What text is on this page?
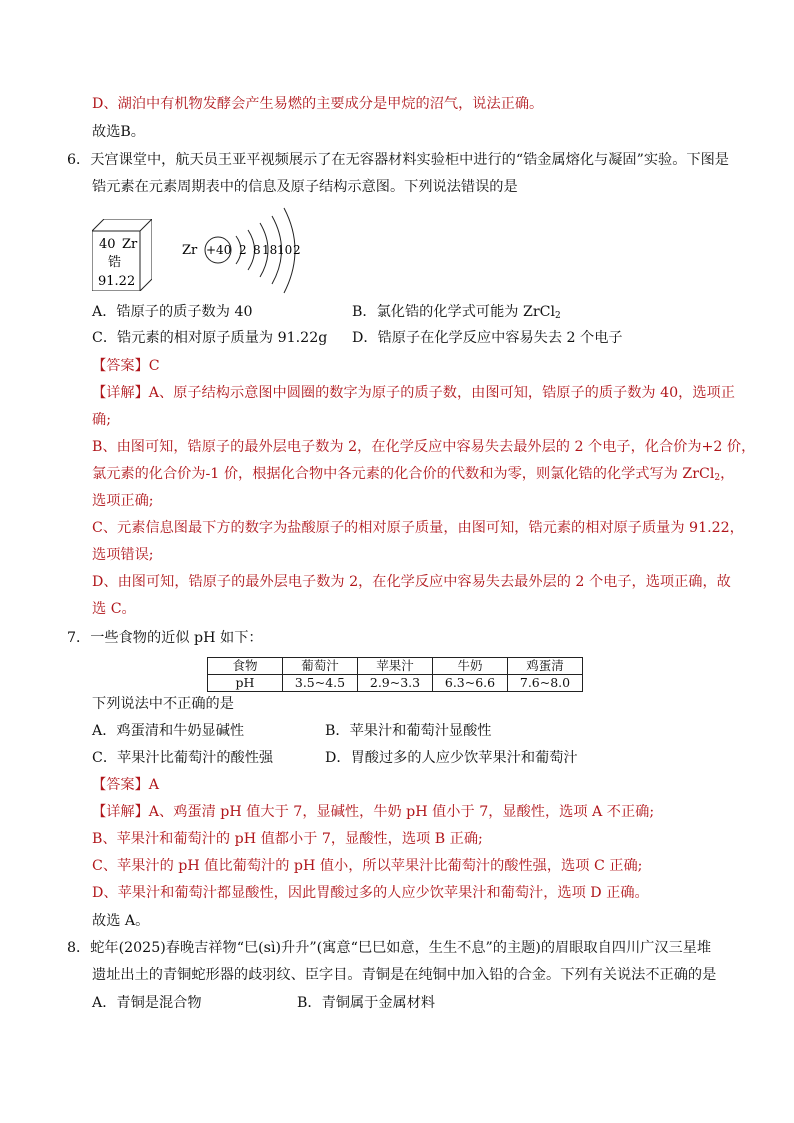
D、湖泊中有机物发酵会产生易燃的主要成分是甲烷的沼气，说法正确。
故选B。
6．天宫课堂中，航天员王亚平视频展示了在无容器材料实验柜中进行的“锆金属熔化与凝固”实验。下图是
锆元素在元素周期表中的信息及原子结构示意图。下列说法错误的是
40 Zr
锆
91.22
Zr +40 2 8 18 10 2
A．锆原子的质子数为 40	B．氯化锆的化学式可能为 ZrCl$_2$
C．锆元素的相对原子质量为 91.22g D．锆原子在化学反应中容易失去 2 个电子
【答案】C
【详解】A、原子结构示意图中圆圈的数字为原子的质子数，由图可知，锆原子的质子数为 40，选项正
确;
B、由图可知，锆原子的最外层电子数为 2，在化学反应中容易失去最外层的 2 个电子，化合价为+2 价，
氯元素的化合价为-1 价，根据化合物中各元素的化合价的代数和为零，则氯化锆的化学式写为 ZrCl$_2$，
选项正确;
C、元素信息图最下方的数字为盐酸原子的相对原子质量，由图可知，锆元素的相对原子质量为 91.22，
选项错误;
D、由图可知，锆原子的最外层电子数为 2，在化学反应中容易失去最外层的 2 个电子，选项正确，故
选 C。
7．一些食物的近似 pH 如下：
食物	葡萄汁	苹果汁	牛奶	鸡蛋清
pH	3.5~4.5	2.9~3.3	6.3~6.6	7.6~8.0
下列说法中不正确的是
A．鸡蛋清和牛奶显碱性	B．苹果汁和葡萄汁显酸性
C．苹果汁比葡萄汁的酸性强	D．胃酸过多的人应少饮苹果汁和葡萄汁
【答案】A
【详解】A、鸡蛋清 pH 值大于 7，显碱性，牛奶 pH 值小于 7，显酸性，选项 A 不正确;
B、苹果汁和葡萄汁的 pH 值都小于 7，显酸性，选项 B 正确;
C、苹果汁的 pH 值比葡萄汁的 pH 值小，所以苹果汁比葡萄汁的酸性强，选项 C 正确;
D、苹果汁和葡萄汁都显酸性，因此胃酸过多的人应少饮苹果汁和葡萄汁，选项 D 正确。
故选 A。
8．蛇年(2025)春晚吉祥物“巳(sì)升升”(寓意“巳巳如意，生生不息”的主题)的眉眼取自四川广汉三星堆
遗址出土的青铜蛇形器的歧羽纹、臣字目。青铜是在纯铜中加入铅的合金。下列有关说法不正确的是
A．青铜是混合物	B．青铜属于金属材料
